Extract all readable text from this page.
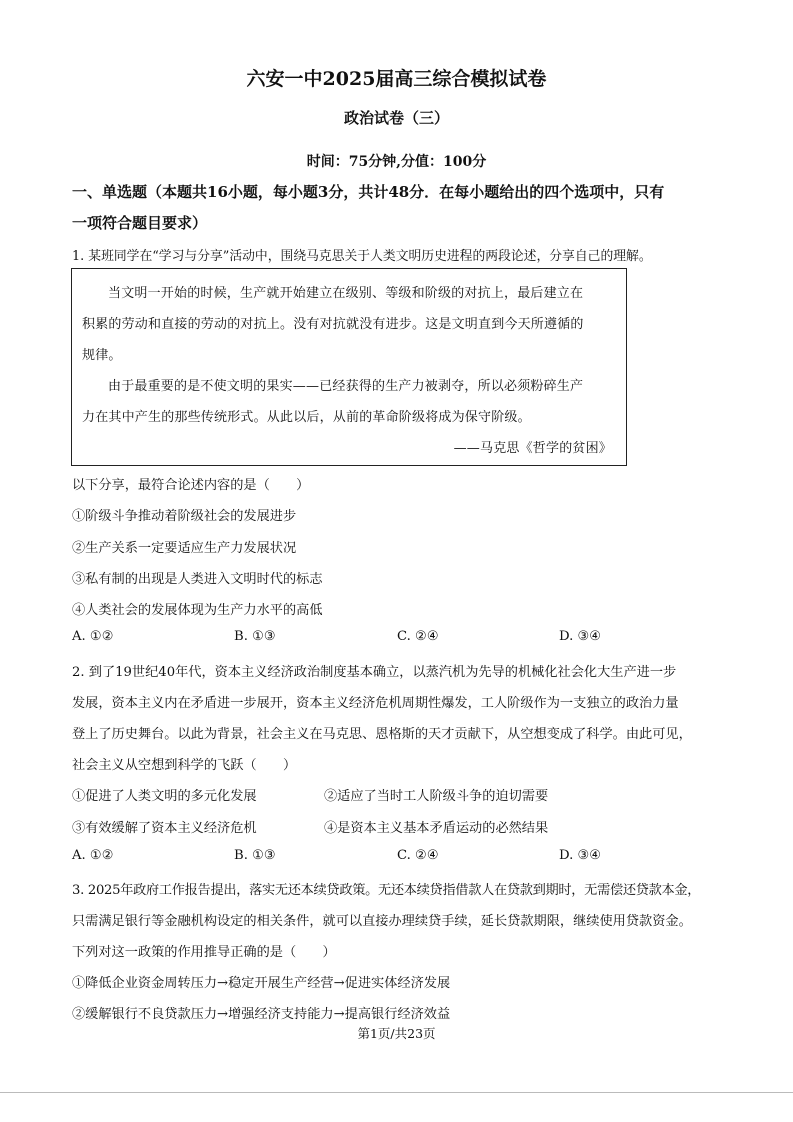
六安一中2025届高三综合模拟试卷
政治试卷（三）
时间：75分钟,分值：100分
一、单选题（本题共16小题，每小题3分，共计48分．在每小题给出的四个选项中，只有
一项符合题目要求）
1. 某班同学在“学习与分享”活动中，围绕马克思关于人类文明历史进程的两段论述，分享自己的理解。
当文明一开始的时候，生产就开始建立在级别、等级和阶级的对抗上，最后建立在
积累的劳动和直接的劳动的对抗上。没有对抗就没有进步。这是文明直到今天所遵循的
规律。
由于最重要的是不使文明的果实——已经获得的生产力被剥夺，所以必须粉碎生产
力在其中产生的那些传统形式。从此以后，从前的革命阶级将成为保守阶级。
——马克思《哲学的贫困》
以下分享，最符合论述内容的是（　　）
①阶级斗争推动着阶级社会的发展进步
②生产关系一定要适应生产力发展状况
③私有制的出现是人类进入文明时代的标志
④人类社会的发展体现为生产力水平的高低
A. ①②	B. ①③	C. ②④	D. ③④
2. 到了19世纪40年代，资本主义经济政治制度基本确立，以蒸汽机为先导的机械化社会化大生产进一步
发展，资本主义内在矛盾进一步展开，资本主义经济危机周期性爆发，工人阶级作为一支独立的政治力量
登上了历史舞台。以此为背景，社会主义在马克思、恩格斯的天才贡献下，从空想变成了科学。由此可见，
社会主义从空想到科学的飞跃（　　）
①促进了人类文明的多元化发展	②适应了当时工人阶级斗争的迫切需要
③有效缓解了资本主义经济危机	④是资本主义基本矛盾运动的必然结果
A. ①②	B. ①③	C. ②④	D. ③④
3. 2025年政府工作报告提出，落实无还本续贷政策。无还本续贷指借款人在贷款到期时，无需偿还贷款本金，
只需满足银行等金融机构设定的相关条件，就可以直接办理续贷手续，延长贷款期限，继续使用贷款资金。
下列对这一政策的作用推导正确的是（　　）
①降低企业资金周转压力→稳定开展生产经营→促进实体经济发展
②缓解银行不良贷款压力→增强经济支持能力→提高银行经济效益
第1页/共23页
